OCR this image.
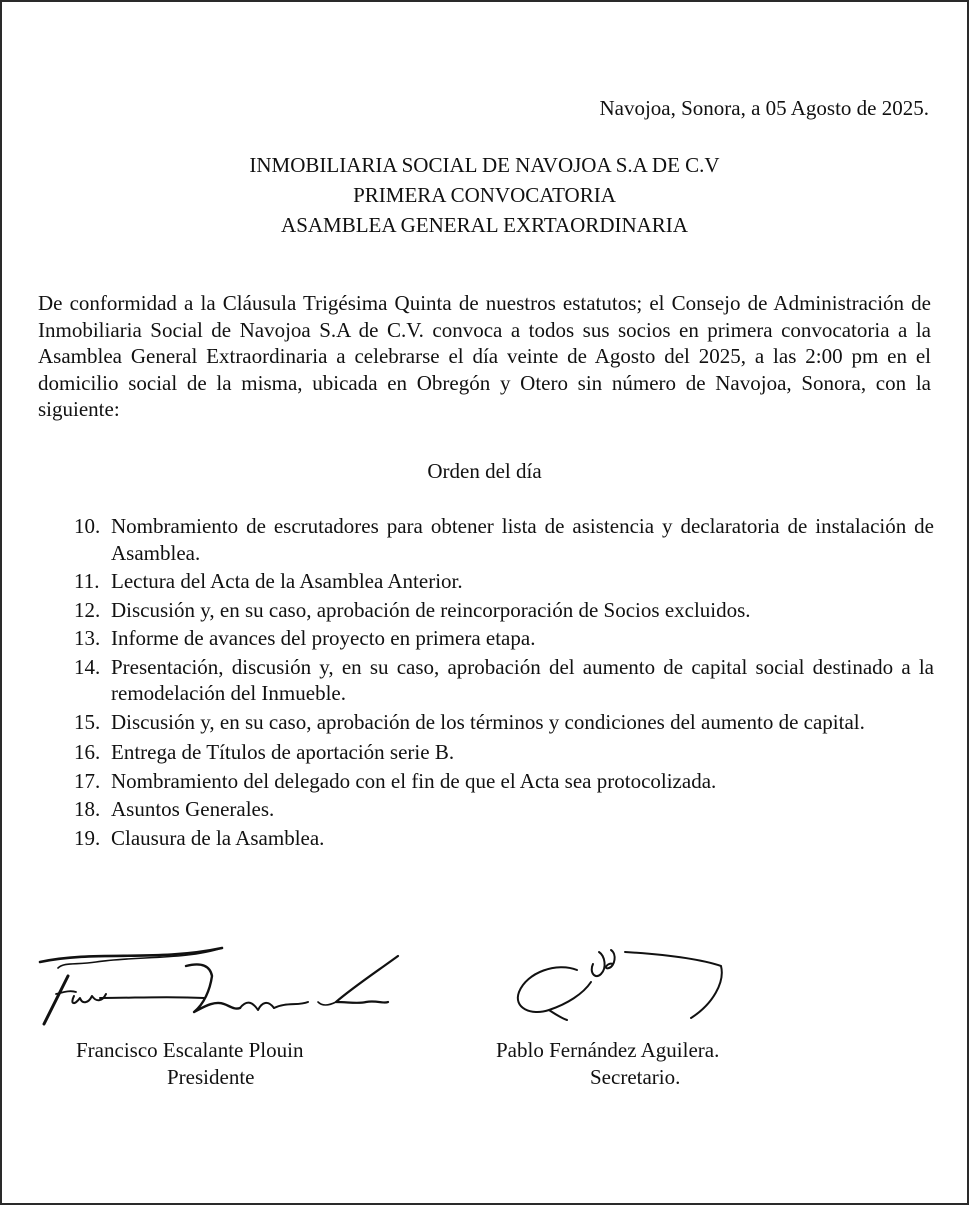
Navojoa, Sonora, a 05 Agosto de 2025.

INMOBILIARIA SOCIAL DE NAVOJOA S.A DE C.V
PRIMERA CONVOCATORIA
ASAMBLEA GENERAL EXRTAORDINARIA

De conformidad a la Cláusula Trigésima Quinta de nuestros estatutos; el Consejo de Administración de Inmobiliaria Social de Navojoa S.A de C.V. convoca a todos sus socios en primera convocatoria a la Asamblea General Extraordinaria a celebrarse el día veinte de Agosto del 2025, a las 2:00 pm en el domicilio social de la misma, ubicada en Obregón y Otero sin número de Navojoa, Sonora, con la siguiente:

Orden del día

10. Nombramiento de escrutadores para obtener lista de asistencia y declaratoria de instalación de Asamblea.
11. Lectura del Acta de la Asamblea Anterior.
12. Discusión y, en su caso, aprobación de reincorporación de Socios excluidos.
13. Informe de avances del proyecto en primera etapa.
14. Presentación, discusión y, en su caso, aprobación del aumento de capital social destinado a la remodelación del Inmueble.
15. Discusión y, en su caso, aprobación de los términos y condiciones del aumento de capital.
16. Entrega de Títulos de aportación serie B.
17. Nombramiento del delegado con el fin de que el Acta sea protocolizada.
18. Asuntos Generales.
19. Clausura de la Asamblea.

Francisco Escalante Plouin

Presidente

Pablo Fernández Aguilera.

Secretario.
